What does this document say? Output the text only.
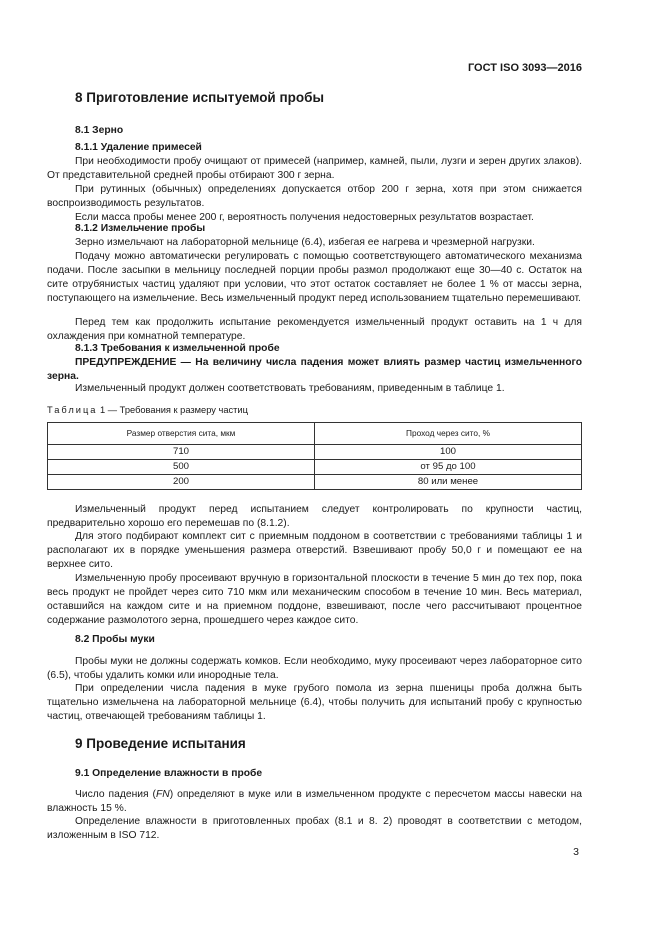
ГОСТ ISO 3093—2016
8 Приготовление испытуемой пробы
8.1 Зерно
8.1.1 Удаление примесей

При необходимости пробу очищают от примесей (например, камней, пыли, лузги и зерен других злаков). От представительной средней пробы отбирают 300 г зерна.
При рутинных (обычных) определениях допускается отбор 200 г зерна, хотя при этом снижается воспроизводимость результатов.
Если масса пробы менее 200 г, вероятность получения недостоверных результатов возрастает.
8.1.2 Измельчение пробы
Зерно измельчают на лабораторной мельнице (6.4), избегая ее нагрева и чрезмерной нагрузки.
Подачу можно автоматически регулировать с помощью соответствующего автоматического механизма подачи. После засыпки в мельницу последней порции пробы размол продолжают еще 30—40 с. Остаток на сите отрубянистых частиц удаляют при условии, что этот остаток составляет не более 1 % от массы зерна, поступающего на измельчение. Весь измельченный продукт перед использованием тщательно перемешивают.
Перед тем как продолжить испытание рекомендуется измельченный продукт оставить на 1 ч для охлаждения при комнатной температуре.
8.1.3 Требования к измельченной пробе
ПРЕДУПРЕЖДЕНИЕ — На величину числа падения может влиять размер частиц измельченного зерна.
Измельченный продукт должен соответствовать требованиям, приведенным в таблице 1.
Таблица 1 — Требования к размеру частиц
Размер отверстия сита, мкм	Проход через сито, %
710	100
500	от 95 до 100
200	80 или менее
Измельченный продукт перед испытанием следует контролировать по крупности частиц, предварительно хорошо его перемешав по (8.1.2).
Для этого подбирают комплект сит с приемным поддоном в соответствии с требованиями таблицы 1 и располагают их в порядке уменьшения размера отверстий. Взвешивают пробу 50,0 г и помещают ее на верхнее сито.
Измельченную пробу просеивают вручную в горизонтальной плоскости в течение 5 мин до тех пор, пока весь продукт не пройдет через сито 710 мкм или механическим способом в течение 10 мин. Весь материал, оставшийся на каждом сите и на приемном поддоне, взвешивают, после чего рассчитывают процентное содержание размолотого зерна, прошедшего через каждое сито.
8.2 Пробы муки
Пробы муки не должны содержать комков. Если необходимо, муку просеивают через лабораторное сито (6.5), чтобы удалить комки или инородные тела.
При определении числа падения в муке грубого помола из зерна пшеницы проба должна быть тщательно измельчена на лабораторной мельнице (6.4), чтобы получить для испытаний пробу с крупностью частиц, отвечающей требованиям таблицы 1.
9 Проведение испытания
9.1 Определение влажности в пробе
Число падения (FN) определяют в муке или в измельченном продукте с пересчетом массы навески на влажность 15 %.
Определение влажности в приготовленных пробах (8.1 и 8. 2) проводят в соответствии с методом, изложенным в ISO 712.
3
